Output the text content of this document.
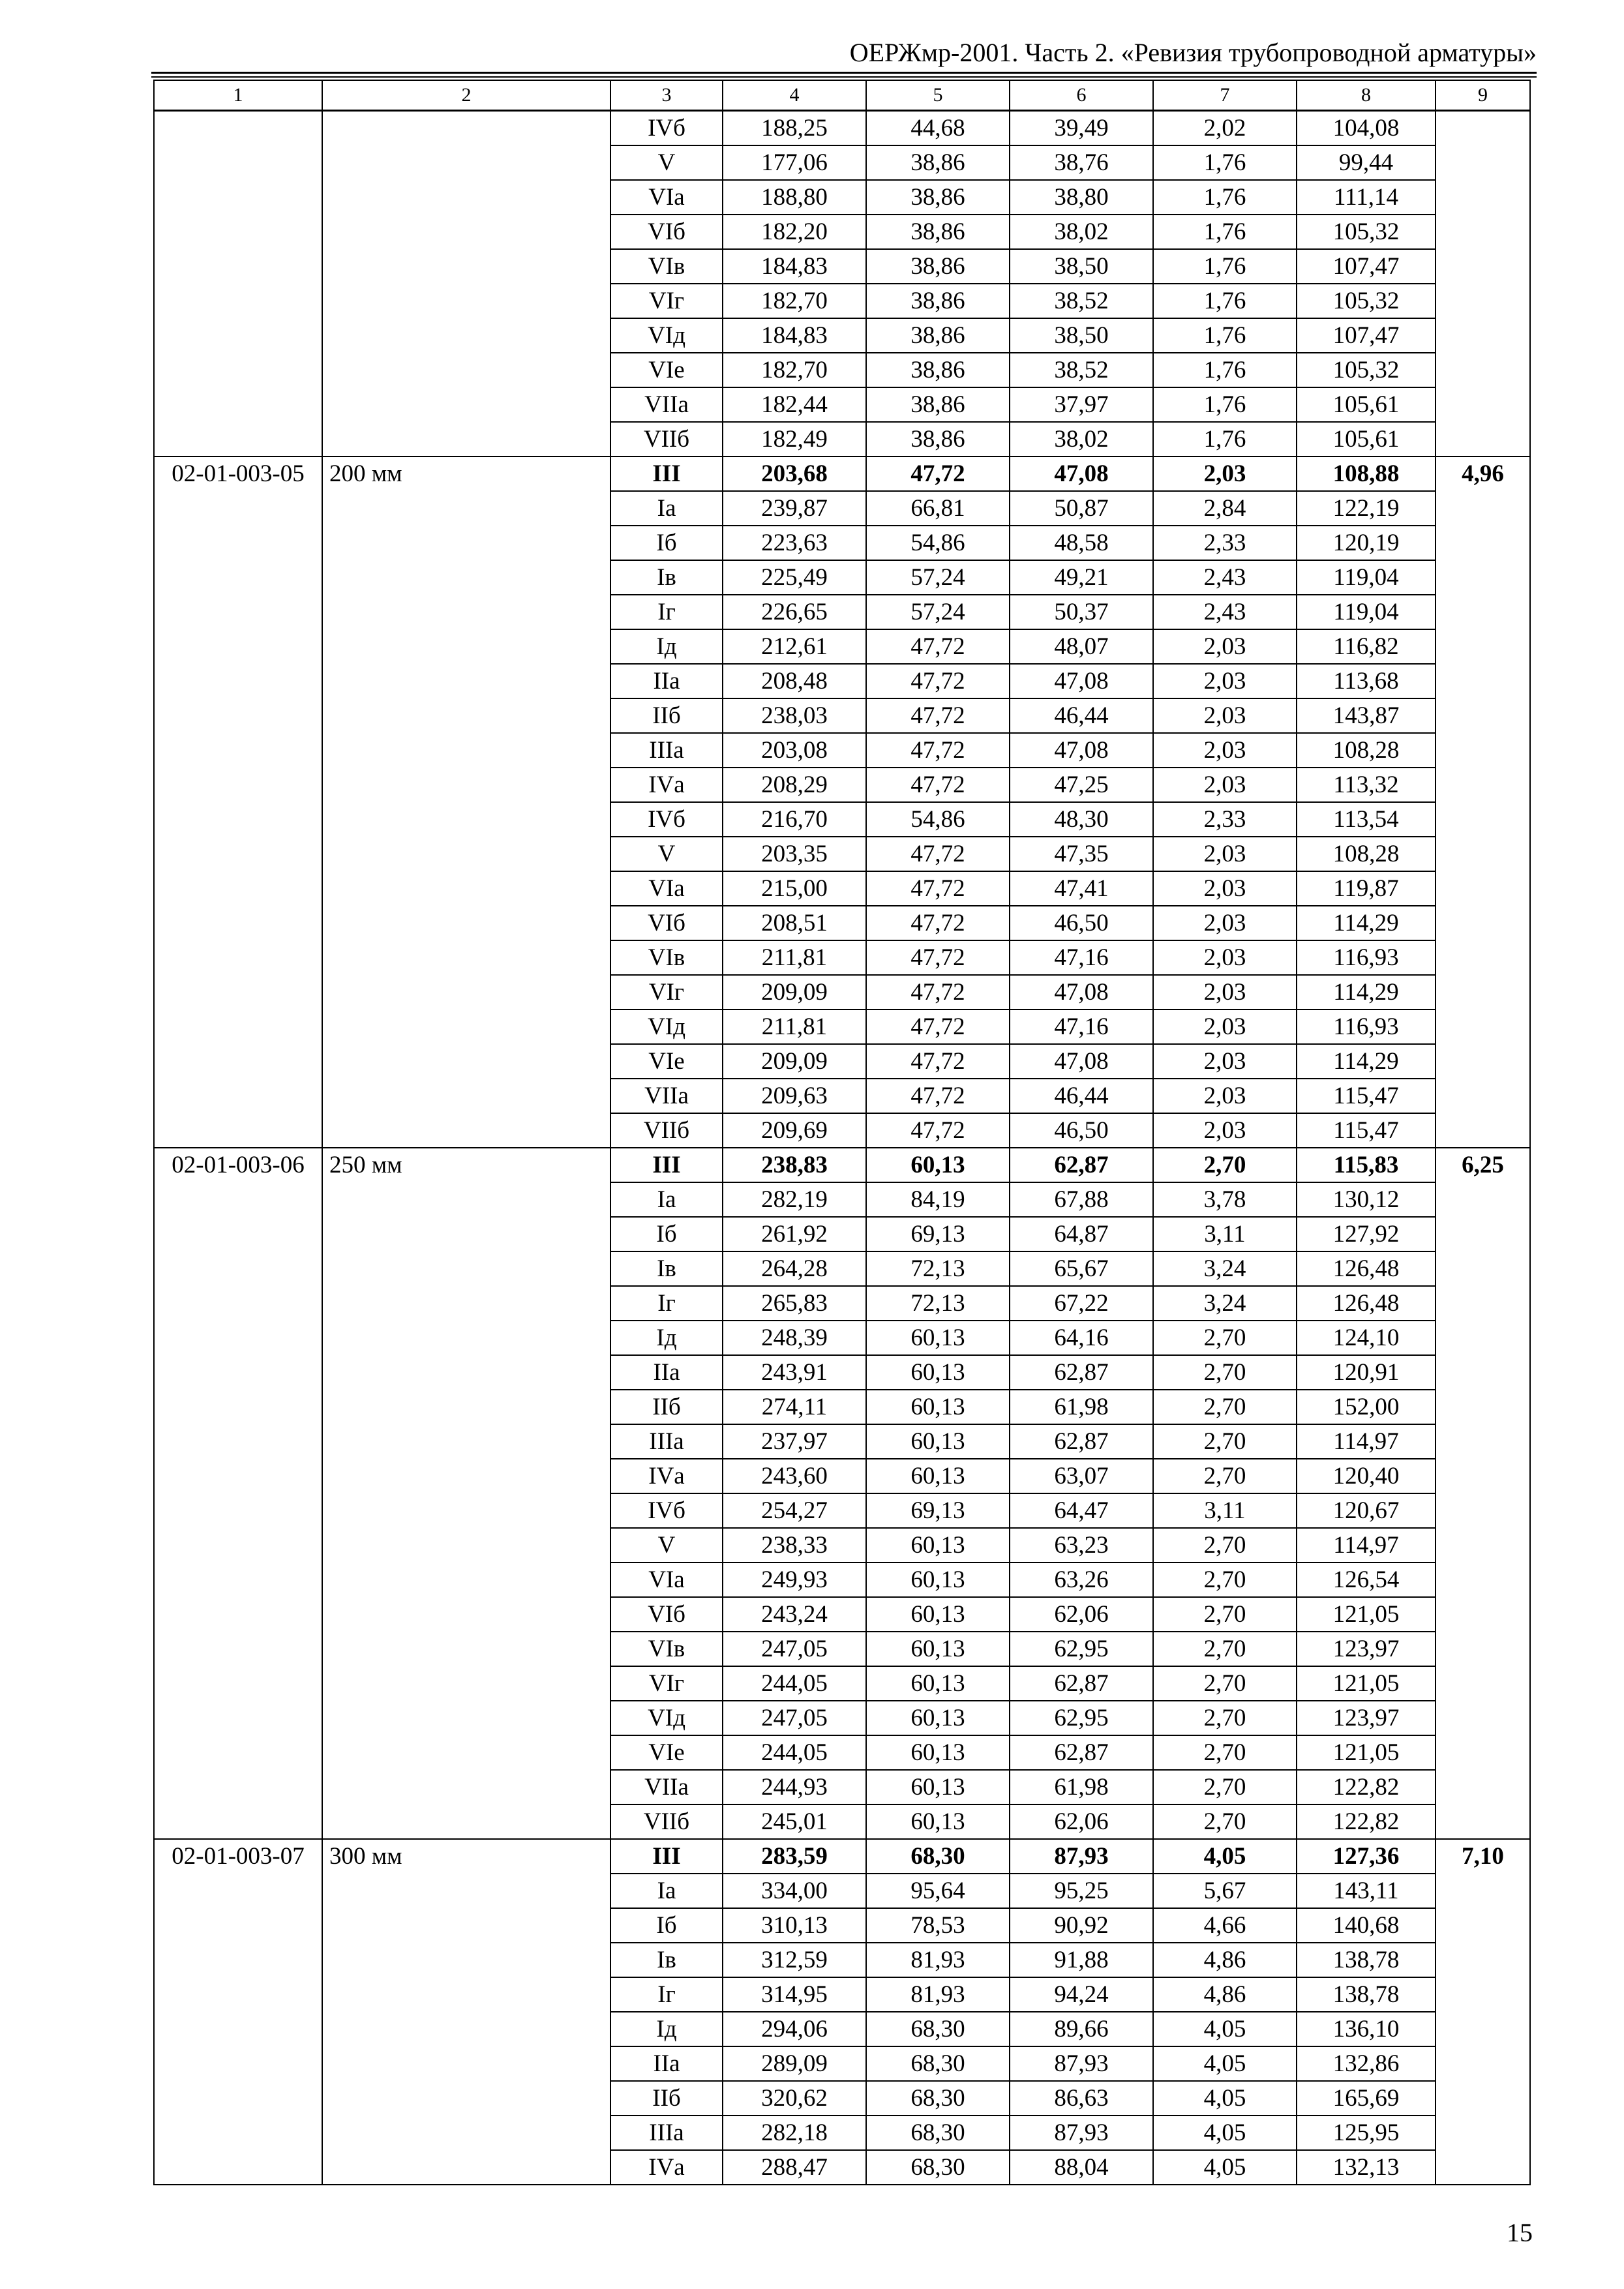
ОЕРЖмр-2001. Часть 2. «Ревизия трубопроводной арматуры»
1	2	3	4	5	6	7	8	9
		IVб	188,25	44,68	39,49	2,02	104,08	
		V	177,06	38,86	38,76	1,76	99,44	
		VIа	188,80	38,86	38,80	1,76	111,14	
		VIб	182,20	38,86	38,02	1,76	105,32	
		VIв	184,83	38,86	38,50	1,76	107,47	
		VIг	182,70	38,86	38,52	1,76	105,32	
		VIд	184,83	38,86	38,50	1,76	107,47	
		VIе	182,70	38,86	38,52	1,76	105,32	
		VIIа	182,44	38,86	37,97	1,76	105,61	
		VIIб	182,49	38,86	38,02	1,76	105,61	
02-01-003-05	200 мм	III	203,68	47,72	47,08	2,03	108,88	4,96
		Iа	239,87	66,81	50,87	2,84	122,19	
		Iб	223,63	54,86	48,58	2,33	120,19	
		Iв	225,49	57,24	49,21	2,43	119,04	
		Iг	226,65	57,24	50,37	2,43	119,04	
		Iд	212,61	47,72	48,07	2,03	116,82	
		IIа	208,48	47,72	47,08	2,03	113,68	
		IIб	238,03	47,72	46,44	2,03	143,87	
		IIIа	203,08	47,72	47,08	2,03	108,28	
		IVа	208,29	47,72	47,25	2,03	113,32	
		IVб	216,70	54,86	48,30	2,33	113,54	
		V	203,35	47,72	47,35	2,03	108,28	
		VIа	215,00	47,72	47,41	2,03	119,87	
		VIб	208,51	47,72	46,50	2,03	114,29	
		VIв	211,81	47,72	47,16	2,03	116,93	
		VIг	209,09	47,72	47,08	2,03	114,29	
		VIд	211,81	47,72	47,16	2,03	116,93	
		VIе	209,09	47,72	47,08	2,03	114,29	
		VIIа	209,63	47,72	46,44	2,03	115,47	
		VIIб	209,69	47,72	46,50	2,03	115,47	
02-01-003-06	250 мм	III	238,83	60,13	62,87	2,70	115,83	6,25
		Iа	282,19	84,19	67,88	3,78	130,12	
		Iб	261,92	69,13	64,87	3,11	127,92	
		Iв	264,28	72,13	65,67	3,24	126,48	
		Iг	265,83	72,13	67,22	3,24	126,48	
		Iд	248,39	60,13	64,16	2,70	124,10	
		IIа	243,91	60,13	62,87	2,70	120,91	
		IIб	274,11	60,13	61,98	2,70	152,00	
		IIIа	237,97	60,13	62,87	2,70	114,97	
		IVа	243,60	60,13	63,07	2,70	120,40	
		IVб	254,27	69,13	64,47	3,11	120,67	
		V	238,33	60,13	63,23	2,70	114,97	
		VIа	249,93	60,13	63,26	2,70	126,54	
		VIб	243,24	60,13	62,06	2,70	121,05	
		VIв	247,05	60,13	62,95	2,70	123,97	
		VIг	244,05	60,13	62,87	2,70	121,05	
		VIд	247,05	60,13	62,95	2,70	123,97	
		VIе	244,05	60,13	62,87	2,70	121,05	
		VIIа	244,93	60,13	61,98	2,70	122,82	
		VIIб	245,01	60,13	62,06	2,70	122,82	
02-01-003-07	300 мм	III	283,59	68,30	87,93	4,05	127,36	7,10
		Iа	334,00	95,64	95,25	5,67	143,11	
		Iб	310,13	78,53	90,92	4,66	140,68	
		Iв	312,59	81,93	91,88	4,86	138,78	
		Iг	314,95	81,93	94,24	4,86	138,78	
		Iд	294,06	68,30	89,66	4,05	136,10	
		IIа	289,09	68,30	87,93	4,05	132,86	
		IIб	320,62	68,30	86,63	4,05	165,69	
		IIIа	282,18	68,30	87,93	4,05	125,95	
		IVа	288,47	68,30	88,04	4,05	132,13	
15
